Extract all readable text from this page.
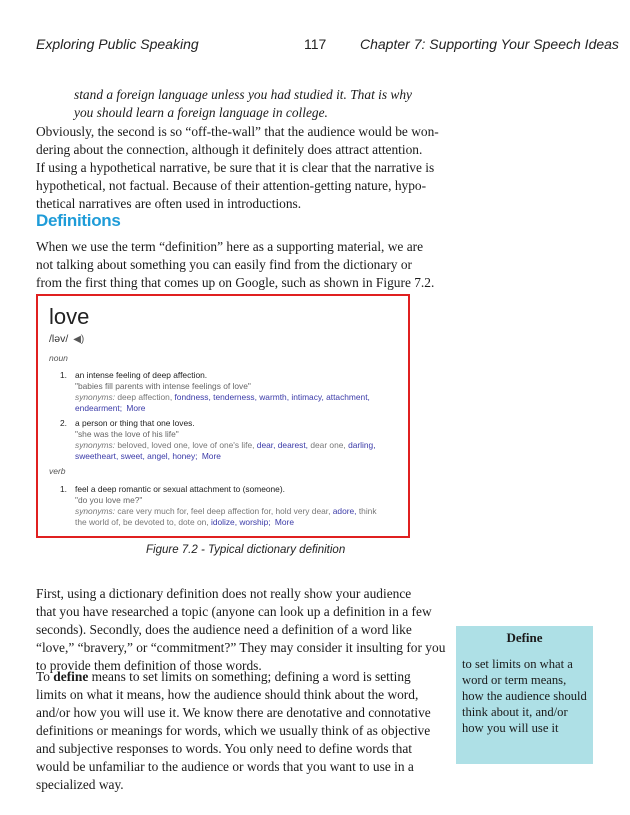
Exploring Public Speaking	117 Chapter 7: Supporting Your Speech Ideas

stand a foreign language unless you had studied it. That is why
you should learn a foreign language in college.

Obviously, the second is so “off-the-wall” that the audience would be won-
dering about the connection, although it definitely does attract attention.
If using a hypothetical narrative, be sure that it is clear that the narrative is
hypothetical, not factual. Because of their attention-getting nature, hypo-
thetical narratives are often used in introductions.

Definitions

When we use the term “definition” here as a supporting material, we are
not talking about something you can easily find from the dictionary or
from the first thing that comes up on Google, such as shown in Figure 7.2.

love
/ləv/ ◀)
noun
1. an intense feeling of deep affection.
"babies fill parents with intense feelings of love"
synonyms: deep affection, fondness, tenderness, warmth, intimacy, attachment, endearment; More
2. a person or thing that one loves.
"she was the love of his life"
synonyms: beloved, loved one, love of one's life, dear, dearest, dear one, darling, sweetheart, sweet, angel, honey; More
verb
1. feel a deep romantic or sexual attachment to (someone).
"do you love me?"
synonyms: care very much for, feel deep affection for, hold very dear, adore, think the world of, be devoted to, dote on, idolize, worship; More
Figure 7.2 - Typical dictionary definition

First, using a dictionary definition does not really show your audience
that you have researched a topic (anyone can look up a definition in a few
seconds). Secondly, does the audience need a definition of a word like
“love,” “bravery,” or “commitment?” They may consider it insulting for you
to provide them definition of those words.

To define means to set limits on something; defining a word is setting
limits on what it means, how the audience should think about the word,
and/or how you will use it. We know there are denotative and connotative
definitions or meanings for words, which we usually think of as objective
and subjective responses to words. You only need to define words that
would be unfamiliar to the audience or words that you want to use in a
specialized way.

Define

to set limits on what a word or term means, how the audience should think about it, and/or how you will use it
